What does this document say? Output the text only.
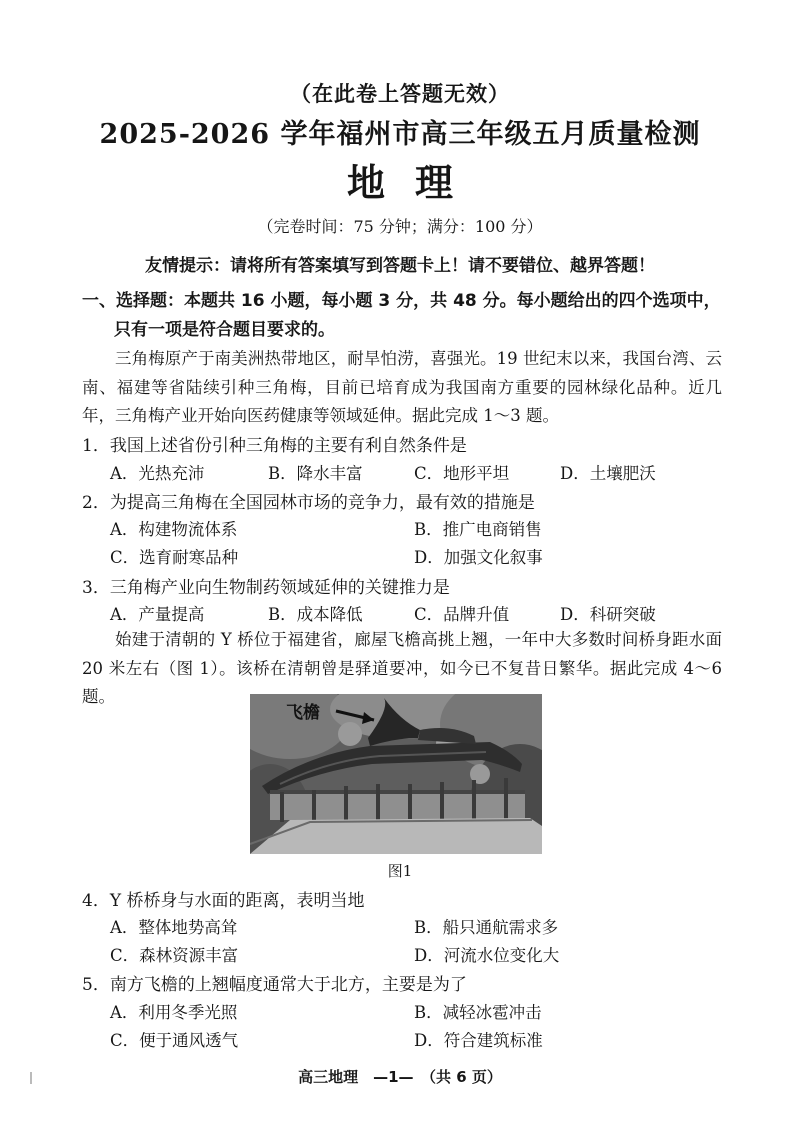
（在此卷上答题无效）
2025-2026 学年福州市高三年级五月质量检测
地理
（完卷时间：75 分钟；满分：100 分）
友情提示：请将所有答案填写到答题卡上！请不要错位、越界答题！
一、选择题：本题共 16 小题，每小题 3 分，共 48 分。每小题给出的四个选项中，
只有一项是符合题目要求的。
三角梅原产于南美洲热带地区，耐旱怕涝，喜强光。19 世纪末以来，我国台湾、云南、福建等省陆续引种三角梅，目前已培育成为我国南方重要的园林绿化品种。近几年，三角梅产业开始向医药健康等领域延伸。据此完成 1～3 题。
1．我国上述省份引种三角梅的主要有利自然条件是
A．光热充沛	B．降水丰富	C．地形平坦	D．土壤肥沃
2．为提高三角梅在全国园林市场的竞争力，最有效的措施是
A．构建物流体系	B．推广电商销售
C．选育耐寒品种	D．加强文化叙事
3．三角梅产业向生物制药领域延伸的关键推力是
A．产量提高	B．成本降低	C．品牌升值	D．科研突破
始建于清朝的 Y 桥位于福建省，廊屋飞檐高挑上翘，一年中大多数时间桥身距水面 20 米左右（图 1）。该桥在清朝曾是驿道要冲，如今已不复昔日繁华。据此完成 4～6 题。
飞檐
图1
4．Y 桥桥身与水面的距离，表明当地
A．整体地势高耸	B．船只通航需求多
C．森林资源丰富	D．河流水位变化大
5．南方飞檐的上翘幅度通常大于北方，主要是为了
A．利用冬季光照	B．减轻冰雹冲击
C．便于通风透气	D．符合建筑标准
高三地理　—1—　（共 6 页）
